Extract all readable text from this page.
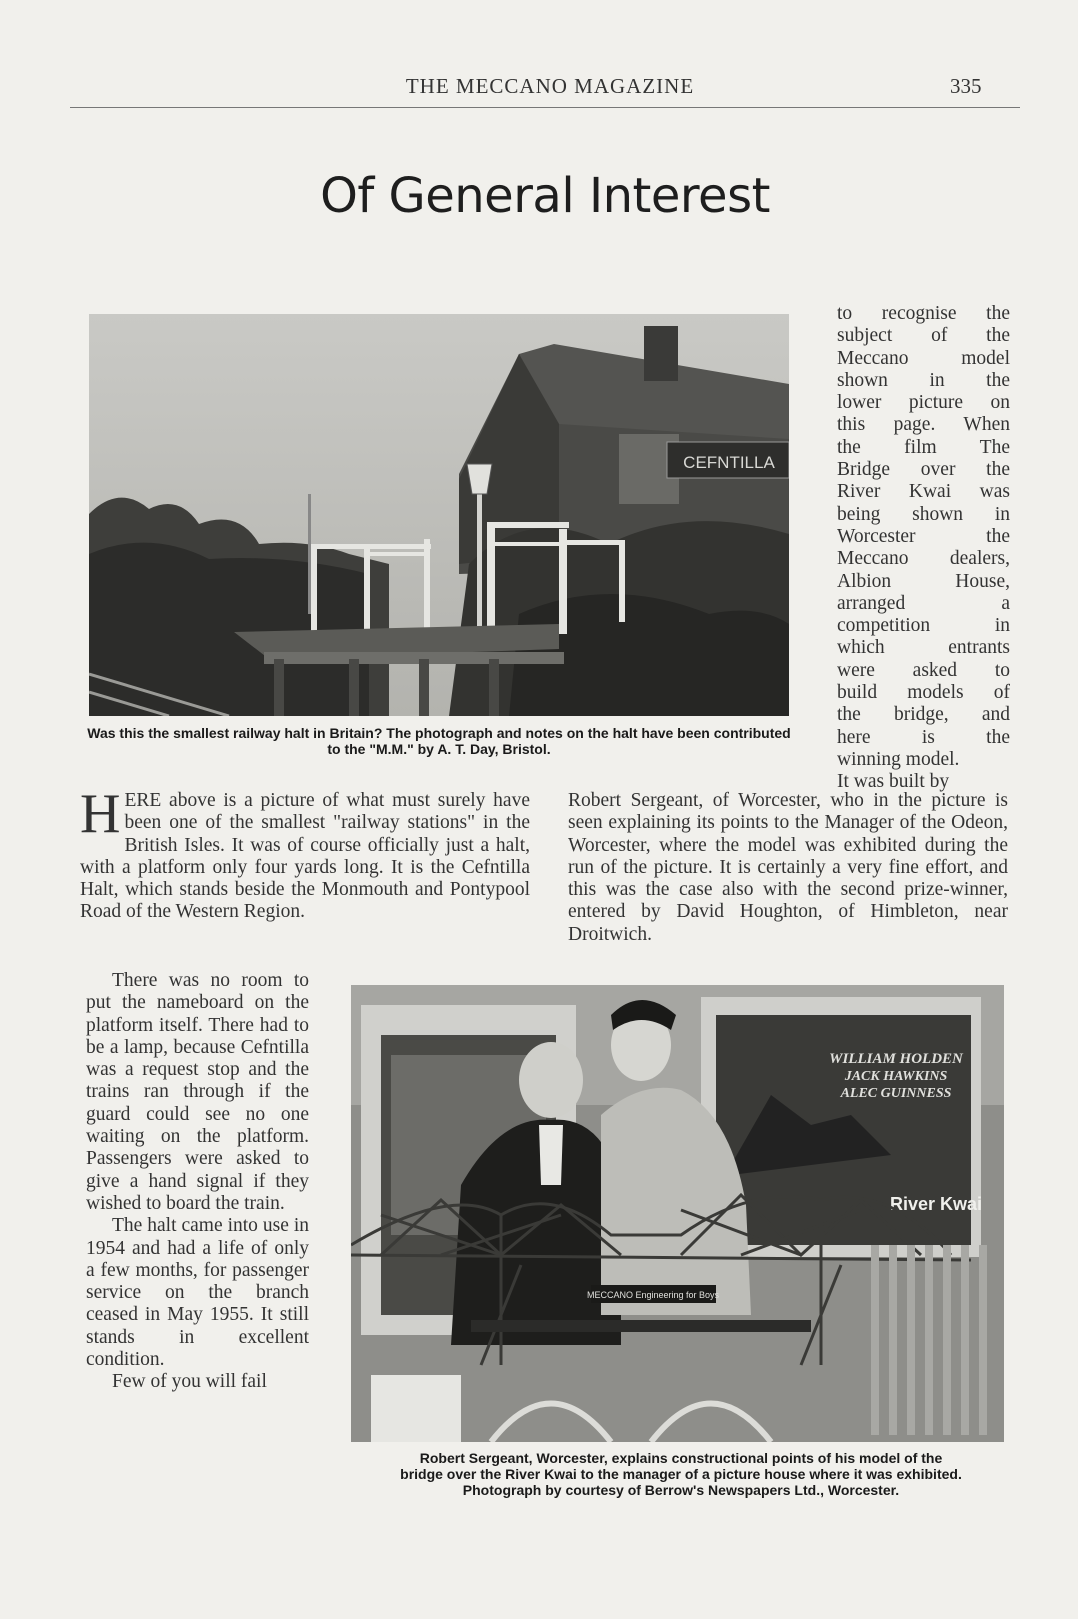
THE MECCANO MAGAZINE	335
Of General Interest
CEFNTILLA
Was this the smallest railway halt in Britain? The photograph and notes on the halt have been contributed to the "M.M." by A. T. Day, Bristol.
to recognise the
subject of the
Meccano model
shown in the
lower picture on
this page. When
the film The
Bridge over the
River Kwai was
being shown in
Worcester the
Meccano dealers,
Albion House,
arranged a
competition in
which entrants
were asked to
build models of
the bridge, and
here is the
winning model.
It was built by

HERE above is a picture of what must surely have been one of the smallest "railway stations" in the British Isles. It was of course officially just a halt, with a platform only four yards long. It is the Cefntilla Halt, which stands beside the Monmouth and Pontypool Road of the Western Region.

There was no room to put the nameboard on the platform itself. There had to be a lamp, because Cefntilla was a request stop and the trains ran through if the guard could see no one waiting on the platform. Passengers were asked to give a hand signal if they wished to board the train.

The halt came into use in 1954 and had a life of only a few months, for passenger service on the branch ceased in May 1955. It still stands in excellent condition.

Few of you will fail

Robert Sergeant, of Worcester, who in the picture is seen explaining its points to the Manager of the Odeon, Worcester, where the model was exhibited during the run of the picture. It is certainly a very fine effort, and this was the case also with the second prize-winner, entered by David Houghton, of Himbleton, near Droitwich.

WILLIAM HOLDEN
JACK HAWKINS
ALEC GUINNESS
River Kwai
MECCANO Engineering for Boys
Robert Sergeant, Worcester, explains constructional points of his model of the
bridge over the River Kwai to the manager of a picture house where it was exhibited.
Photograph by courtesy of Berrow's Newspapers Ltd., Worcester.
